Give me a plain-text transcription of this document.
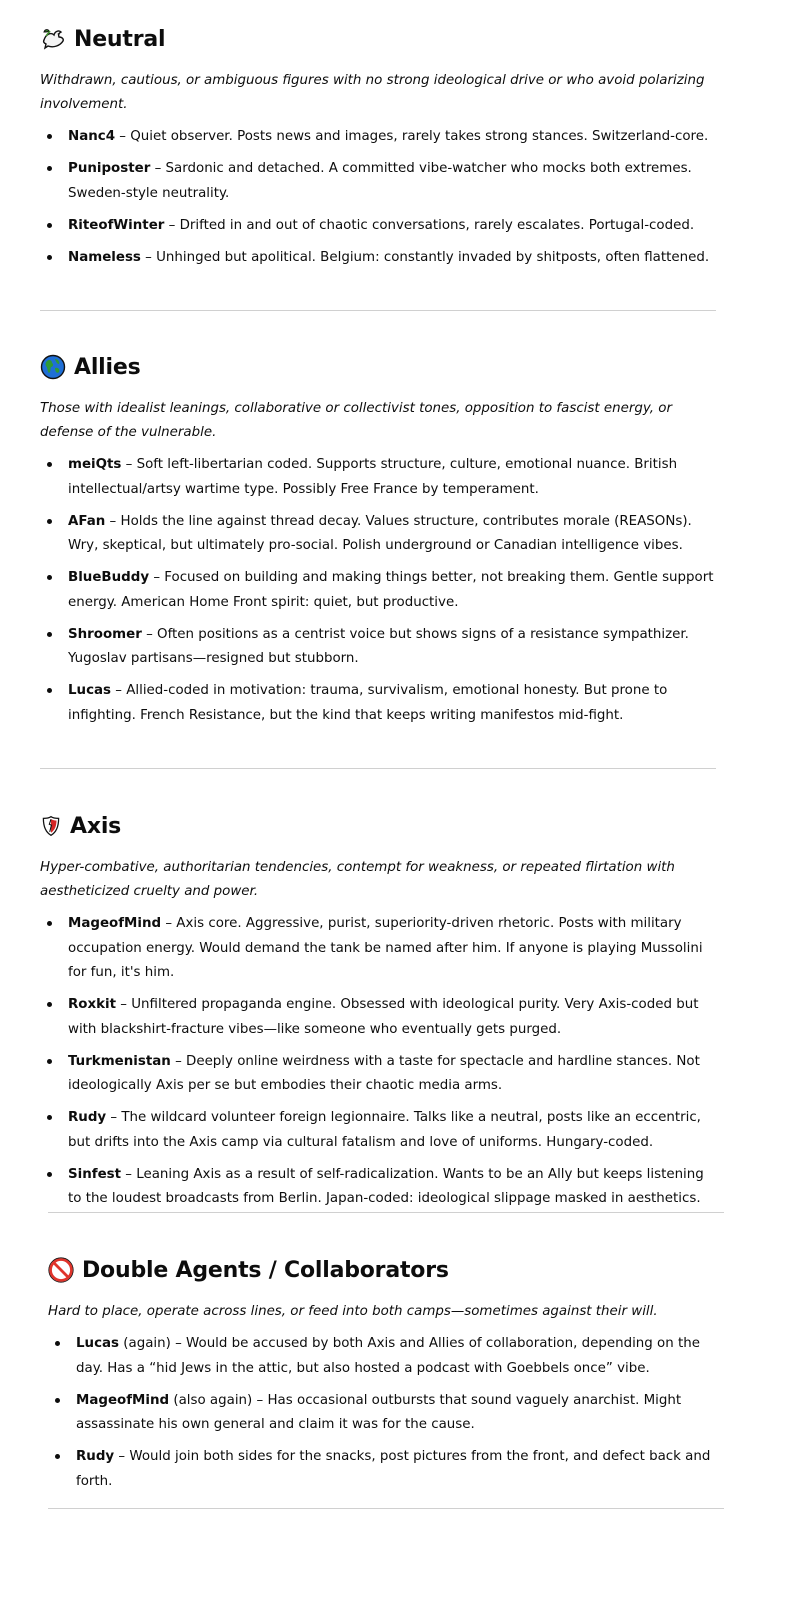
Neutral

Withdrawn, cautious, or ambiguous figures with no strong ideological drive or who avoid polarizing involvement.

Nanc4 – Quiet observer. Posts news and images, rarely takes strong stances. Switzerland-core.
Puniposter – Sardonic and detached. A committed vibe-watcher who mocks both extremes. Sweden-style neutrality.
RiteofWinter – Drifted in and out of chaotic conversations, rarely escalates. Portugal-coded.
Nameless – Unhinged but apolitical. Belgium: constantly invaded by shitposts, often flattened.
Allies

Those with idealist leanings, collaborative or collectivist tones, opposition to fascist energy, or defense of the vulnerable.

meiQts – Soft left-libertarian coded. Supports structure, culture, emotional nuance. British intellectual/artsy wartime type. Possibly Free France by temperament.
AFan – Holds the line against thread decay. Values structure, contributes morale (REASONs). Wry, skeptical, but ultimately pro-social. Polish underground or Canadian intelligence vibes.
BlueBuddy – Focused on building and making things better, not breaking them. Gentle support energy. American Home Front spirit: quiet, but productive.
Shroomer – Often positions as a centrist voice but shows signs of a resistance sympathizer. Yugoslav partisans—resigned but stubborn.
Lucas – Allied-coded in motivation: trauma, survivalism, emotional honesty. But prone to infighting. French Resistance, but the kind that keeps writing manifestos mid-fight.
Axis

Hyper-combative, authoritarian tendencies, contempt for weakness, or repeated flirtation with aestheticized cruelty and power.

MageofMind – Axis core. Aggressive, purist, superiority-driven rhetoric. Posts with military occupation energy. Would demand the tank be named after him. If anyone is playing Mussolini for fun, it's him.
Roxkit – Unfiltered propaganda engine. Obsessed with ideological purity. Very Axis-coded but with blackshirt-fracture vibes—like someone who eventually gets purged.
Turkmenistan – Deeply online weirdness with a taste for spectacle and hardline stances. Not ideologically Axis per se but embodies their chaotic media arms.
Rudy – The wildcard volunteer foreign legionnaire. Talks like a neutral, posts like an eccentric, but drifts into the Axis camp via cultural fatalism and love of uniforms. Hungary-coded.
Sinfest – Leaning Axis as a result of self-radicalization. Wants to be an Ally but keeps listening to the loudest broadcasts from Berlin. Japan-coded: ideological slippage masked in aesthetics.
Double Agents / Collaborators

Hard to place, operate across lines, or feed into both camps—sometimes against their will.

Lucas (again) – Would be accused by both Axis and Allies of collaboration, depending on the day. Has a “hid Jews in the attic, but also hosted a podcast with Goebbels once” vibe.
MageofMind (also again) – Has occasional outbursts that sound vaguely anarchist. Might assassinate his own general and claim it was for the cause.
Rudy – Would join both sides for the snacks, post pictures from the front, and defect back and forth.
